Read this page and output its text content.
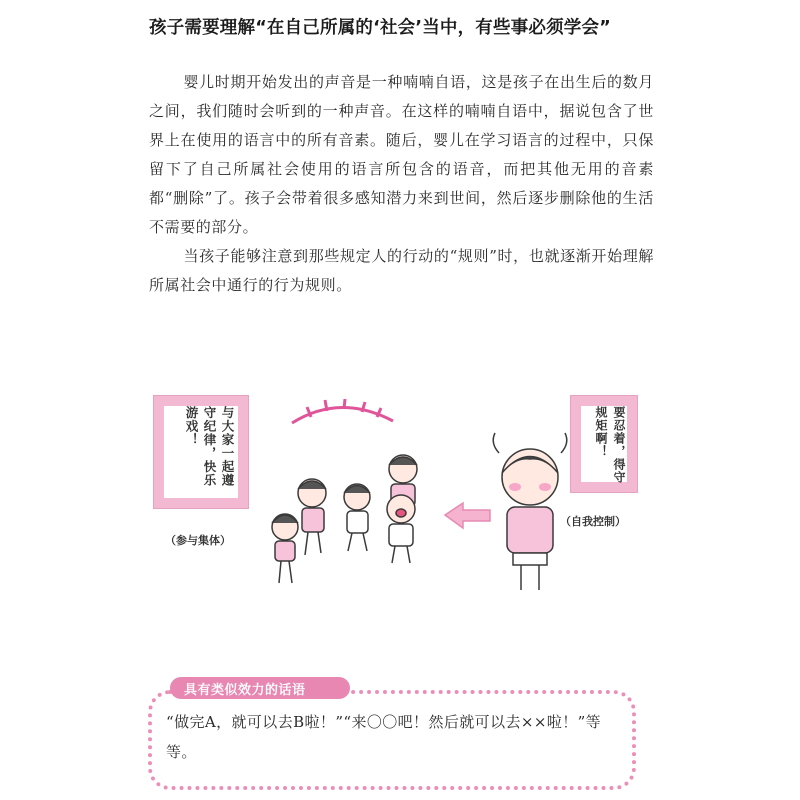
孩子需要理解“在自己所属的‘社会’当中，有些事必须学会”

婴儿时期开始发出的声音是一种喃喃自语，这是孩子在出生后的数月之间，我们随时会听到的一种声音。在这样的喃喃自语中，据说包含了世界上在使用的语言中的所有音素。随后，婴儿在学习语言的过程中，只保留下了自己所属社会使用的语言所包含的语音，而把其他无用的音素都“删除”了。孩子会带着很多感知潜力来到世间，然后逐步删除他的生活不需要的部分。

当孩子能够注意到那些规定人的行动的“规则”时，也就逐渐开始理解所属社会中通行的行为规则。

与大家一起遵守纪律，快乐游戏！
（参与集体）
要忍着，得守规矩啊！
（自我控制）
具有类似效力的话语
“做完A，就可以去B啦！”“来〇〇吧！然后就可以去××啦！”等等。
